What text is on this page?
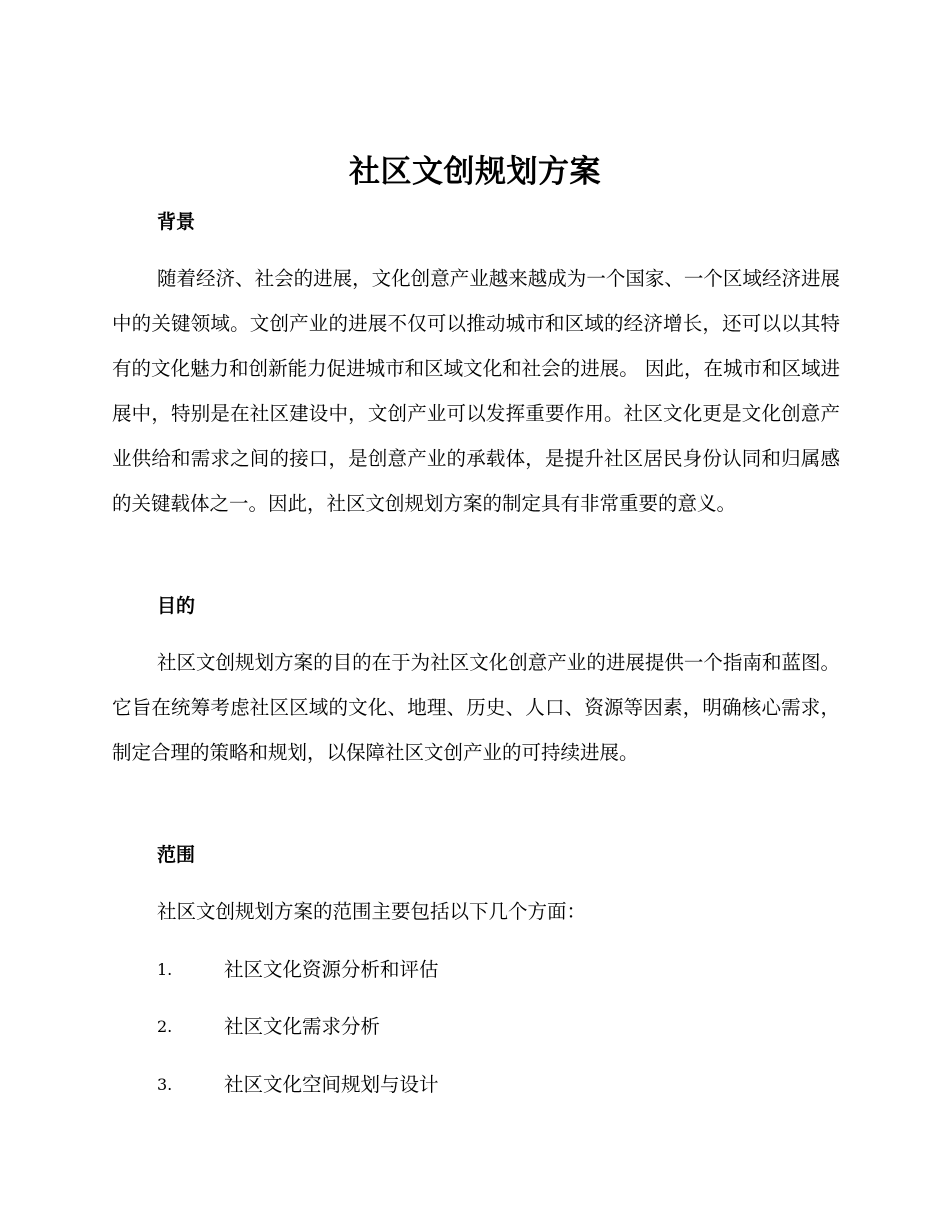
社区文创规划方案
背景

随着经济、社会的进展，文化创意产业越来越成为一个国家、一个区域经济进展中的关键领域。文创产业的进展不仅可以推动城市和区域的经济增长，还可以以其特有的文化魅力和创新能力促进城市和区域文化和社会的进展。 因此，在城市和区域进展中，特别是在社区建设中，文创产业可以发挥重要作用。社区文化更是文化创意产业供给和需求之间的接口，是创意产业的承载体，是提升社区居民身份认同和归属感的关键载体之一。因此，社区文创规划方案的制定具有非常重要的意义。

目的

社区文创规划方案的目的在于为社区文化创意产业的进展提供一个指南和蓝图。它旨在统筹考虑社区区域的文化、地理、历史、人口、资源等因素，明确核心需求，制定合理的策略和规划，以保障社区文创产业的可持续进展。

范围
社区文创规划方案的范围主要包括以下几个方面：
1.	社区文化资源分析和评估
2.	社区文化需求分析
3.	社区文化空间规划与设计
